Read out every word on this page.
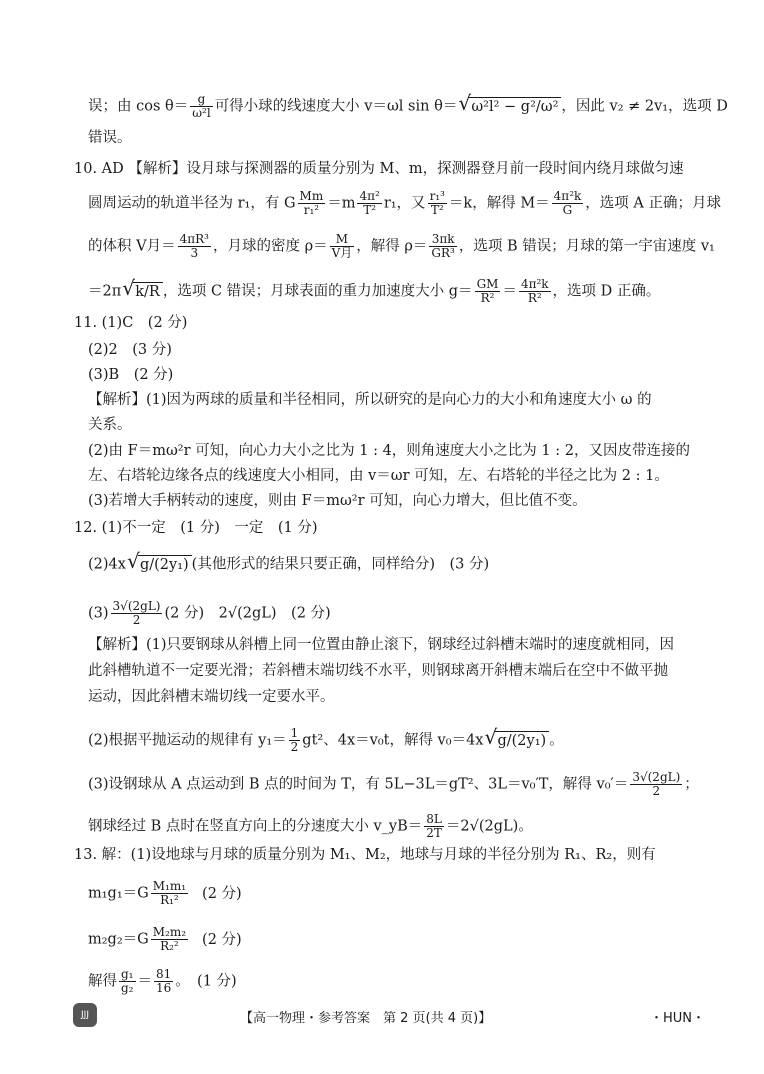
误；由 $\cos \theta= \frac{g}{\text{ω²l}}$ 可得小球的线速度大小 v＝ωl sin θ＝ √ ω²l² − g²/ω² ，因此 v₂ ≠ 2v₁，选项 D
错误。
10. AD 【解析】设月球与探测器的质量分别为 M、m，探测器登月前一段时间内绕月球做匀速
圆周运动的轨道半径为 r₁，有 G $\frac{Mm}{\text{r₁²}} =m \frac{\text{4π²}}{\text{T²}} r_1$，又 $\frac{\text{r₁³}}{\text{T²}} =k$，解得 $M= \frac{\text{4π²k}}{G}$ ，选项 A 正确；月球
的体积 V月＝ $\frac{\text{4πR³}}{3}$ ，月球的密度 $\rho= \frac{M}{\text{V月}}$ ，解得 $\rho= \frac{3\pi k}{\text{GR³}}$ ，选项 B 错误；月球的第一宇宙速度 v₁
＝2π √ k/R ，选项 C 错误；月球表面的重力加速度大小 $g= \frac{GM}{\text{R²}} = \frac{\text{4π²k}}{\text{R²}}$ ，选项 D 正确。
11. (1)C　(2 分)
(2)2　(3 分)
(3)B　(2 分)
【解析】(1)因为两球的质量和半径相同，所以研究的是向心力的大小和角速度大小 ω 的
关系。
(2)由 F＝mω²r 可知，向心力大小之比为 1 : 4，则角速度大小之比为 1 : 2，又因皮带连接的
左、右塔轮边缘各点的线速度大小相同，由 v＝ωr 可知，左、右塔轮的半径之比为 2 : 1。
(3)若增大手柄转动的速度，则由 F＝mω²r 可知，向心力增大，但比值不变。
12. (1)不一定　(1 分)　一定　(1 分)
(2)4x √ g/(2y₁) (其他形式的结果只要正确，同样给分)　(3 分)
$(3) \frac{3√(2gL)}{2} (2$ 分)　2√(2gL)　(2 分)
【解析】(1)只要钢球从斜槽上同一位置由静止滚下，钢球经过斜槽末端时的速度就相同，因
此斜槽轨道不一定要光滑；若斜槽末端切线不水平，则钢球离开斜槽末端后在空中不做平抛
运动，因此斜槽末端切线一定要水平。
(2)根据平抛运动的规律有 $y_1= \frac{1}{2} gt^2$、4x＝v₀t，解得 v₀＝4x √ g/(2y₁) 。
(3)设钢球从 A 点运动到 B 点的时间为 T，有 5L−3L＝gT²、3L＝v₀′T，解得 $v_0'= \frac{3√(2gL)}{2}$ ；
钢球经过 B 点时在竖直方向上的分速度大小 v_yB＝ $\frac{8L}{2T} =2√(2gL)$。
13. 解：(1)设地球与月球的质量分别为 M₁、M₂，地球与月球的半径分别为 R₁、R₂，则有
$m_1g_1=G \frac{\text{M₁m₁}}{\text{R₁²}} (2$ 分)
$m_2g_2=G \frac{\text{M₂m₂}}{\text{R₂²}} (2$ 分)
解得 $\frac{\text{g₁}}{\text{g₂}} = \frac{81}{16}$ 。　(1 分)
JJJ	【高一物理・参考答案　第 2 页(共 4 页)】	・HUN・
